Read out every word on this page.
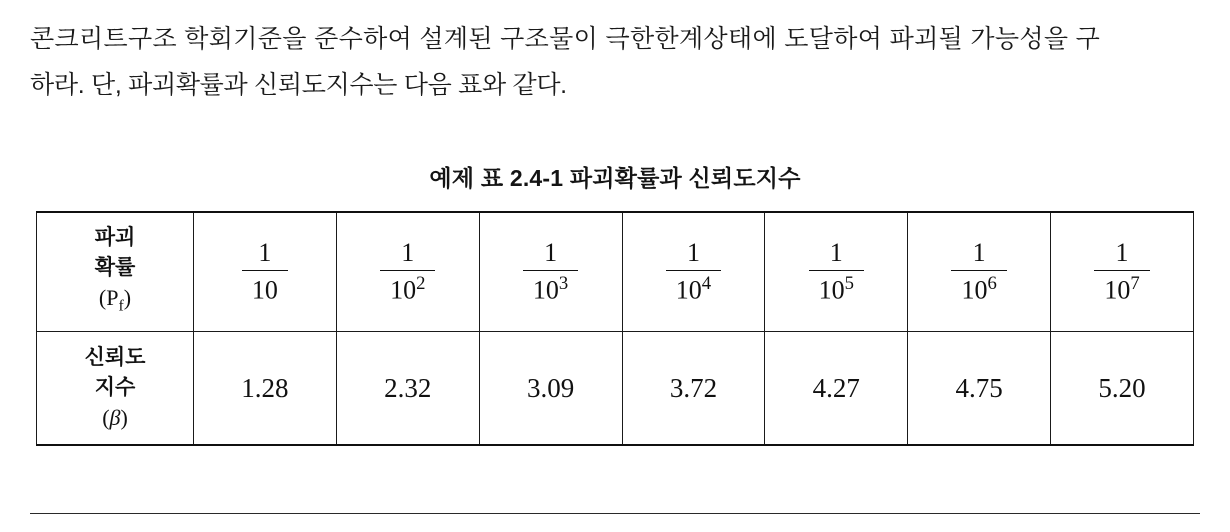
콘크리트구조 학회기준을 준수하여 설계된 구조물이 극한한계상태에 도달하여 파괴될 가능성을 구
하라. 단, 파괴확률과 신뢰도지수는 다음 표와 같다.
예제 표 2.4-1 파괴확률과 신뢰도지수
파괴
확률
$(P_f)$	$\frac{1}{10}$	$\frac{1}{10^2}$	$\frac{1}{10^3}$	$\frac{1}{10^4}$	$\frac{1}{10^5}$	$\frac{1}{10^6}$	$\frac{1}{10^7}$

신뢰도
지수
(β)	1.28	2.32	3.09	3.72	4.27	4.75	5.20
